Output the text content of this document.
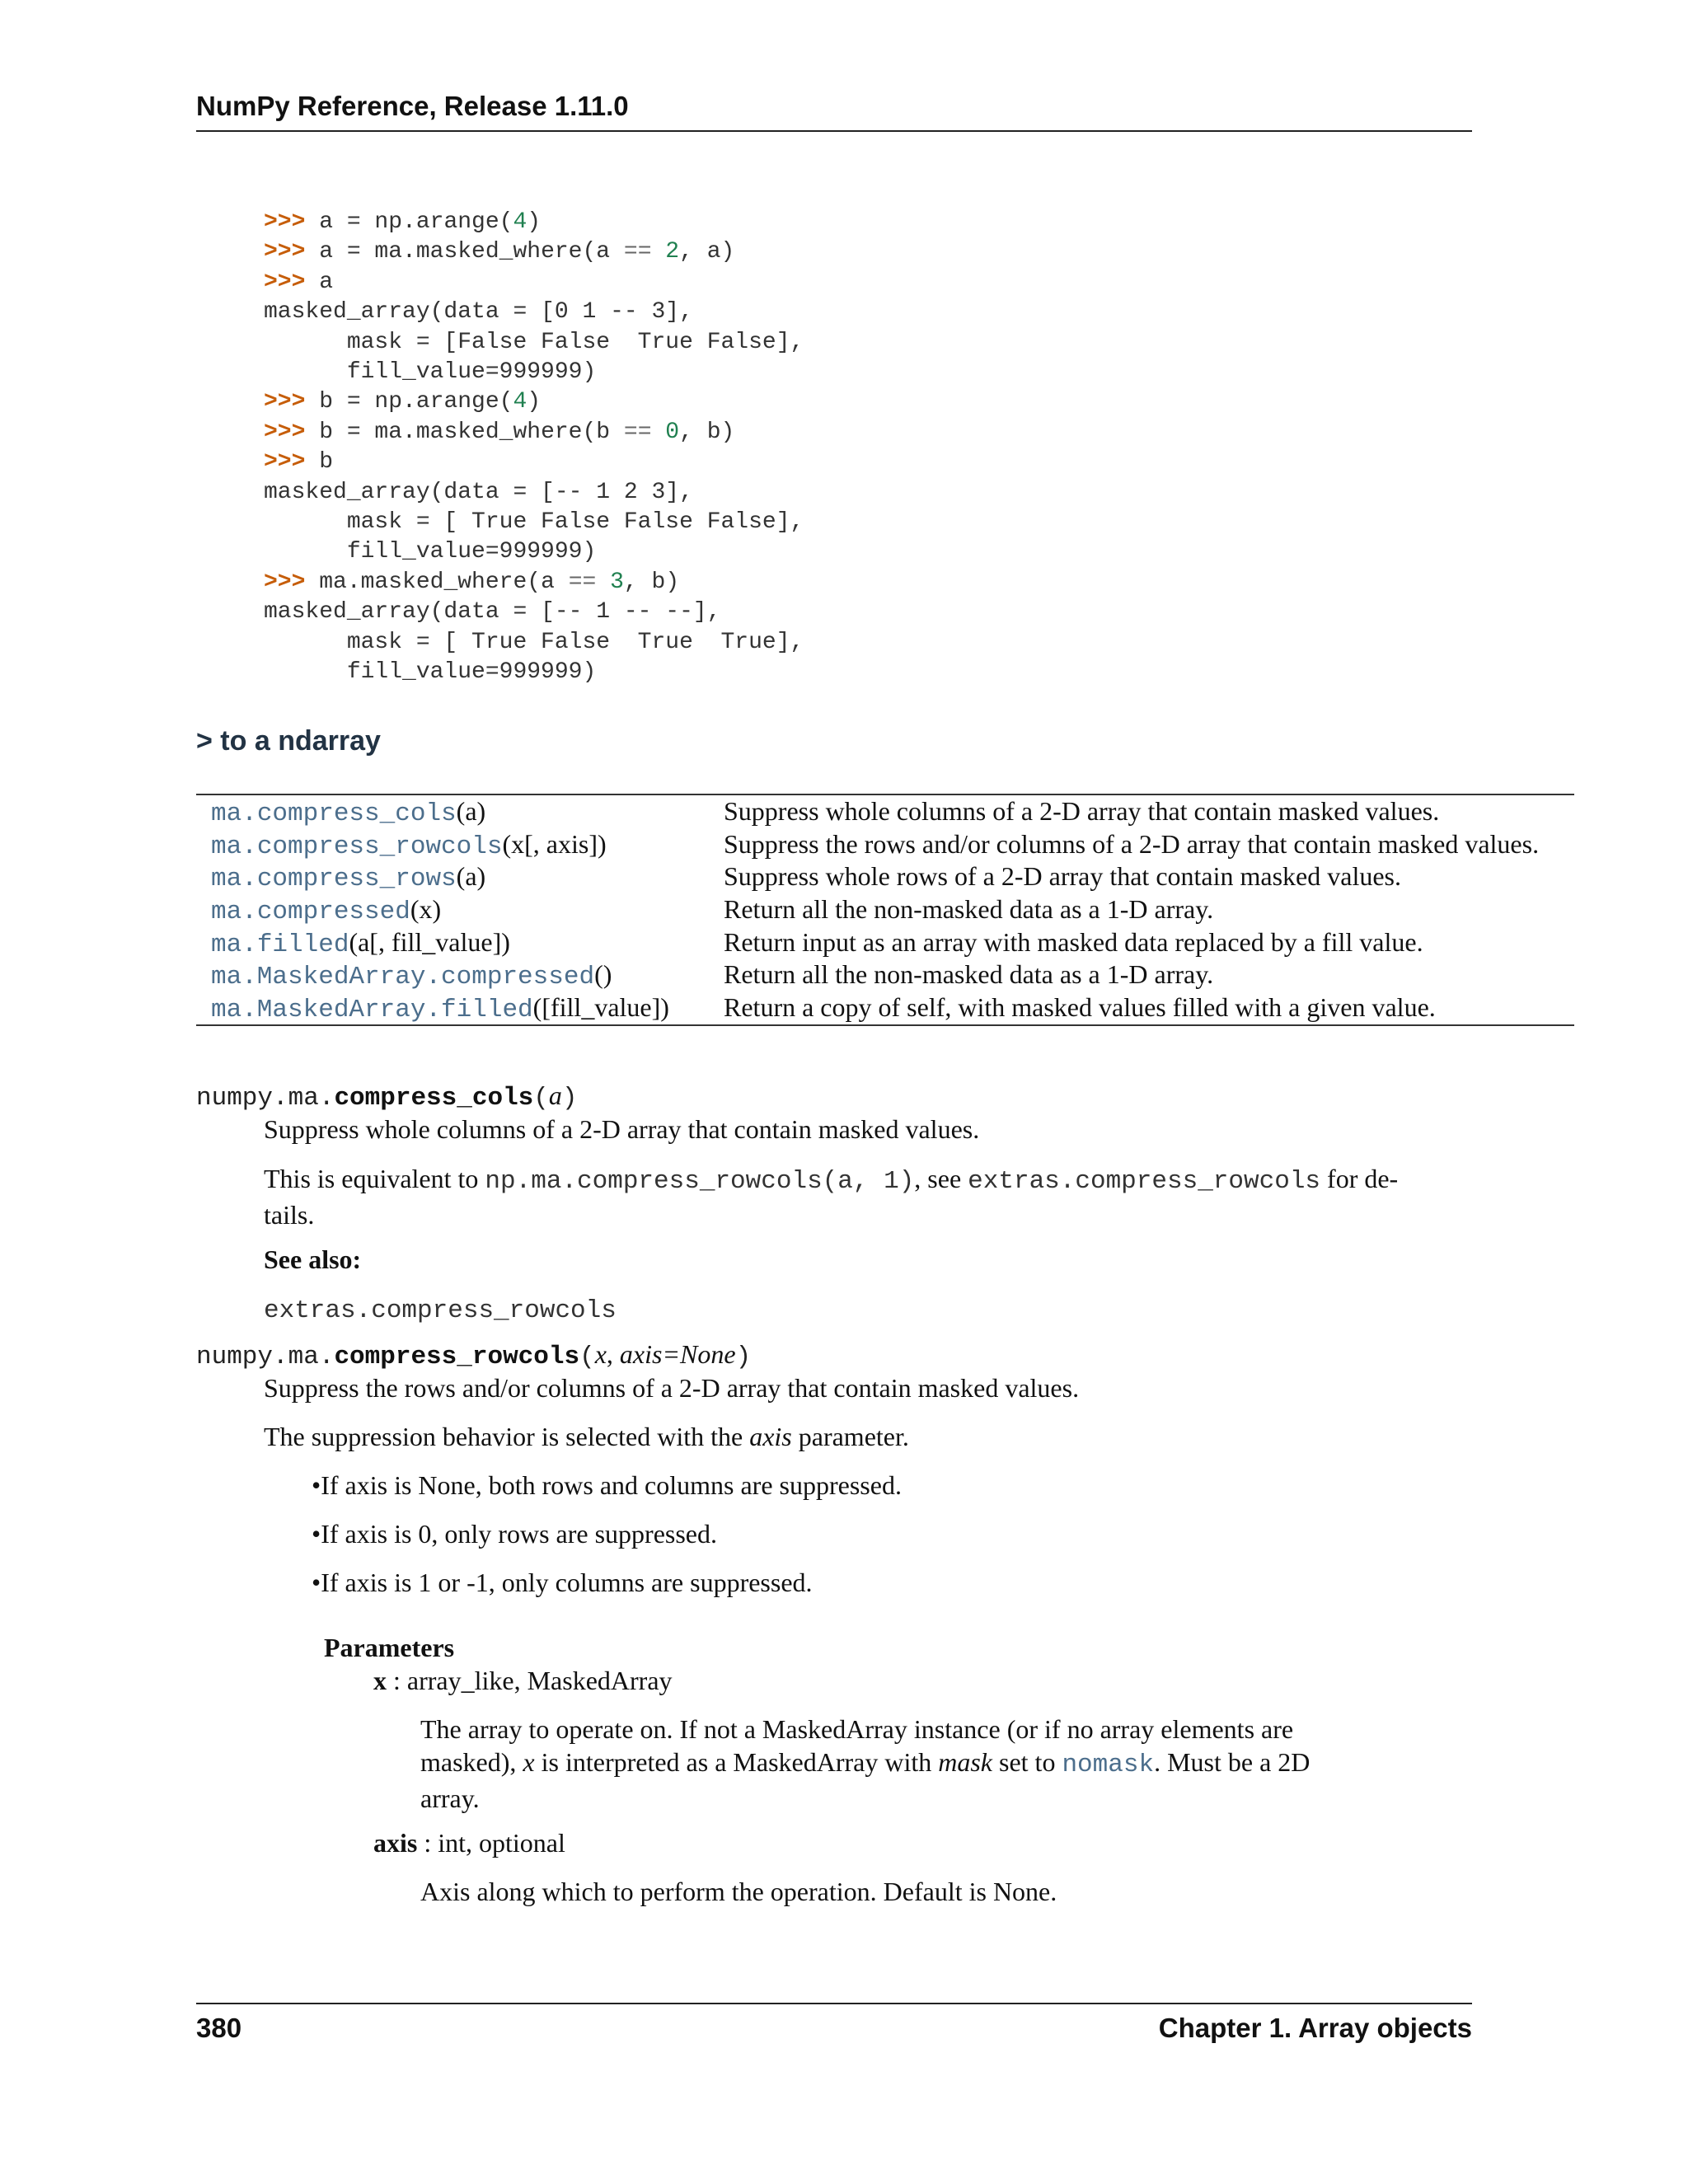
NumPy Reference, Release 1.11.0
>>> a = np.arange(4)
>>> a = ma.masked_where(a == 2, a)
>>> a
masked_array(data = [0 1 -- 3],
mask = [False False  True False],
fill_value=999999)
>>> b = np.arange(4)
>>> b = ma.masked_where(b == 0, b)
>>> b
masked_array(data = [-- 1 2 3],
mask = [ True False False False],
fill_value=999999)
>>> ma.masked_where(a == 3, b)
masked_array(data = [-- 1 -- --],
mask = [ True False  True  True],
fill_value=999999)
> to a ndarray
ma.compress_cols(a)	Suppress whole columns of a 2-D array that contain masked values.
ma.compress_rowcols(x[, axis])	Suppress the rows and/or columns of a 2-D array that contain masked values.
ma.compress_rows(a)	Suppress whole rows of a 2-D array that contain masked values.
ma.compressed(x)	Return all the non-masked data as a 1-D array.
ma.filled(a[, fill_value])	Return input as an array with masked data replaced by a fill value.
ma.MaskedArray.compressed()	Return all the non-masked data as a 1-D array.
ma.MaskedArray.filled([fill_value]) Return a copy of self, with masked values filled with a given value.
numpy.ma.compress_cols(a)

Suppress whole columns of a 2-D array that contain masked values.

This is equivalent to np.ma.compress_rowcols(a, 1), see extras.compress_rowcols for de-
tails.

See also:

extras.compress_rowcols

numpy.ma.compress_rowcols(x, axis=None)

Suppress the rows and/or columns of a 2-D array that contain masked values.

The suppression behavior is selected with the axis parameter.

•If axis is None, both rows and columns are suppressed.
•If axis is 0, only rows are suppressed.
•If axis is 1 or -1, only columns are suppressed.
Parameters

x : array_like, MaskedArray

The array to operate on. If not a MaskedArray instance (or if no array elements are
masked), x is interpreted as a MaskedArray with mask set to nomask. Must be a 2D
array.

axis : int, optional

Axis along which to perform the operation. Default is None.

380	Chapter 1. Array objects
